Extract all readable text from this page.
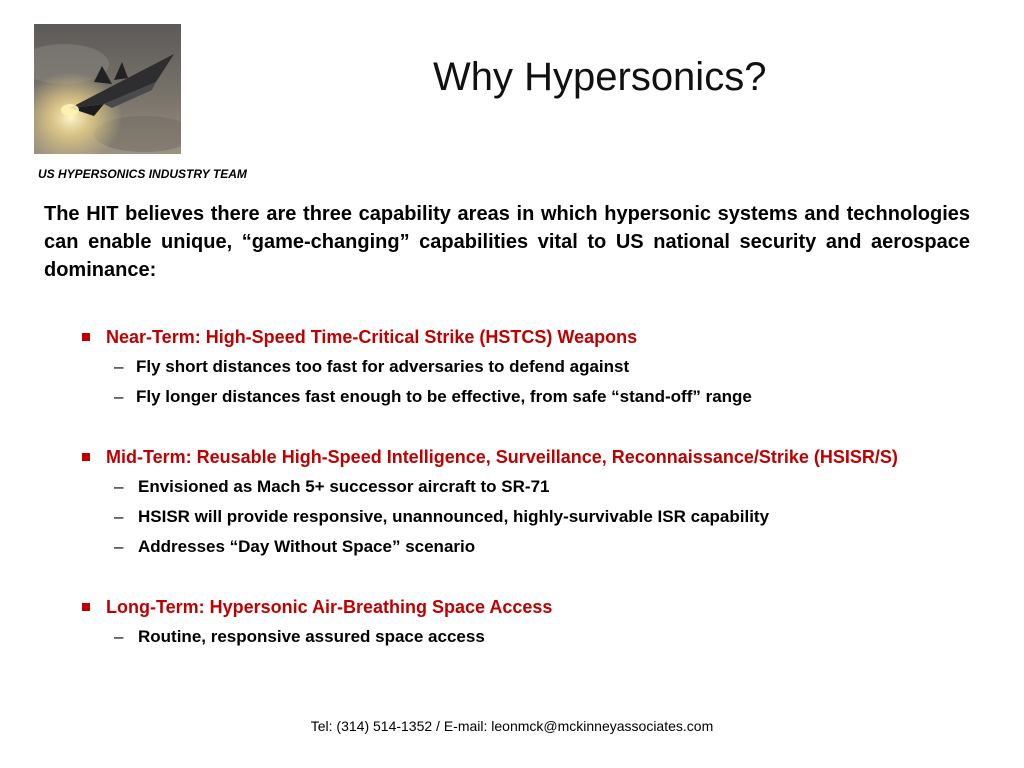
Why Hypersonics?
US HYPERSONICS INDUSTRY TEAM
The HIT believes there are three capability areas in which hypersonic systems and technologies can enable unique, “game-changing” capabilities vital to US national security and aerospace dominance:
Near-Term: High-Speed Time-Critical Strike (HSTCS) Weapons
– Fly short distances too fast for adversaries to defend against
– Fly longer distances fast enough to be effective, from safe “stand-off” range
Mid-Term: Reusable High-Speed Intelligence, Surveillance, Reconnaissance/Strike (HSISR/S)
– Envisioned as Mach 5+ successor aircraft to SR-71
– HSISR will provide responsive, unannounced, highly-survivable ISR capability
– Addresses “Day Without Space” scenario
Long-Term: Hypersonic Air-Breathing Space Access
– Routine, responsive assured space access
Tel: (314) 514-1352 / E-mail: leonmck@mckinneyassociates.com
